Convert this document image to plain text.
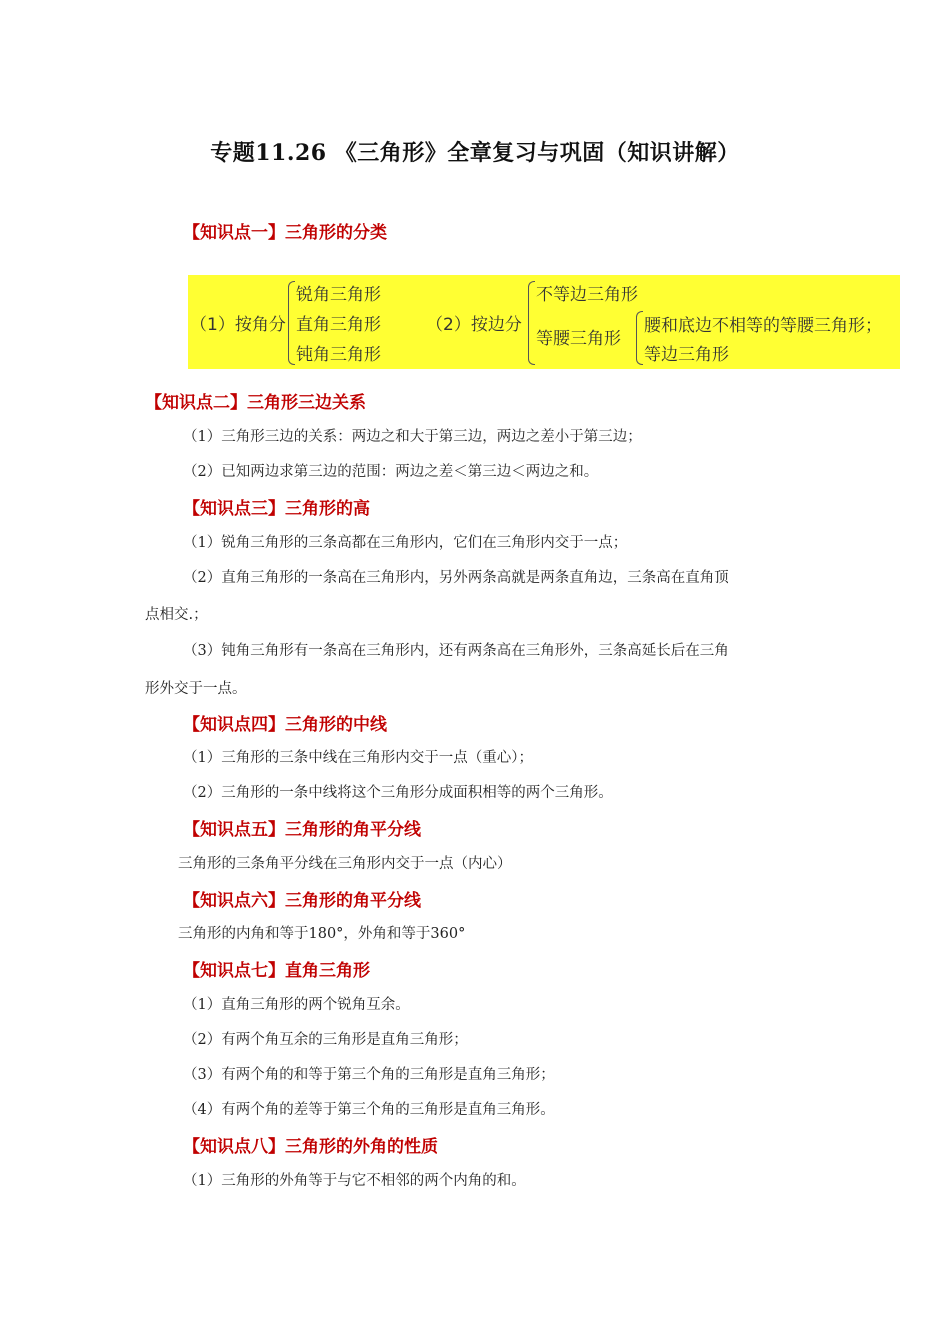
专题11.26 《三角形》全章复习与巩固（知识讲解）
【知识点一】三角形的分类
（1）按角分
锐角三角形
直角三角形
钝角三角形
（2）按边分
不等边三角形
等腰三角形
腰和底边不相等的等腰三角形；
等边三角形
【知识点二】三角形三边关系
（1）三角形三边的关系：两边之和大于第三边，两边之差小于第三边；
（2）已知两边求第三边的范围：两边之差＜第三边＜两边之和。
【知识点三】三角形的高
（1）锐角三角形的三条高都在三角形内，它们在三角形内交于一点；
（2）直角三角形的一条高在三角形内，另外两条高就是两条直角边，三条高在直角顶
点相交.；
（3）钝角三角形有一条高在三角形内，还有两条高在三角形外，三条高延长后在三角
形外交于一点。
【知识点四】三角形的中线
（1）三角形的三条中线在三角形内交于一点（重心）；
（2）三角形的一条中线将这个三角形分成面积相等的两个三角形。
【知识点五】三角形的角平分线
三角形的三条角平分线在三角形内交于一点（内心）
【知识点六】三角形的角平分线
三角形的内角和等于180°，外角和等于360°
【知识点七】直角三角形
（1）直角三角形的两个锐角互余。
（2）有两个角互余的三角形是直角三角形；
（3）有两个角的和等于第三个角的三角形是直角三角形；
（4）有两个角的差等于第三个角的三角形是直角三角形。
【知识点八】三角形的外角的性质
（1）三角形的外角等于与它不相邻的两个内角的和。
